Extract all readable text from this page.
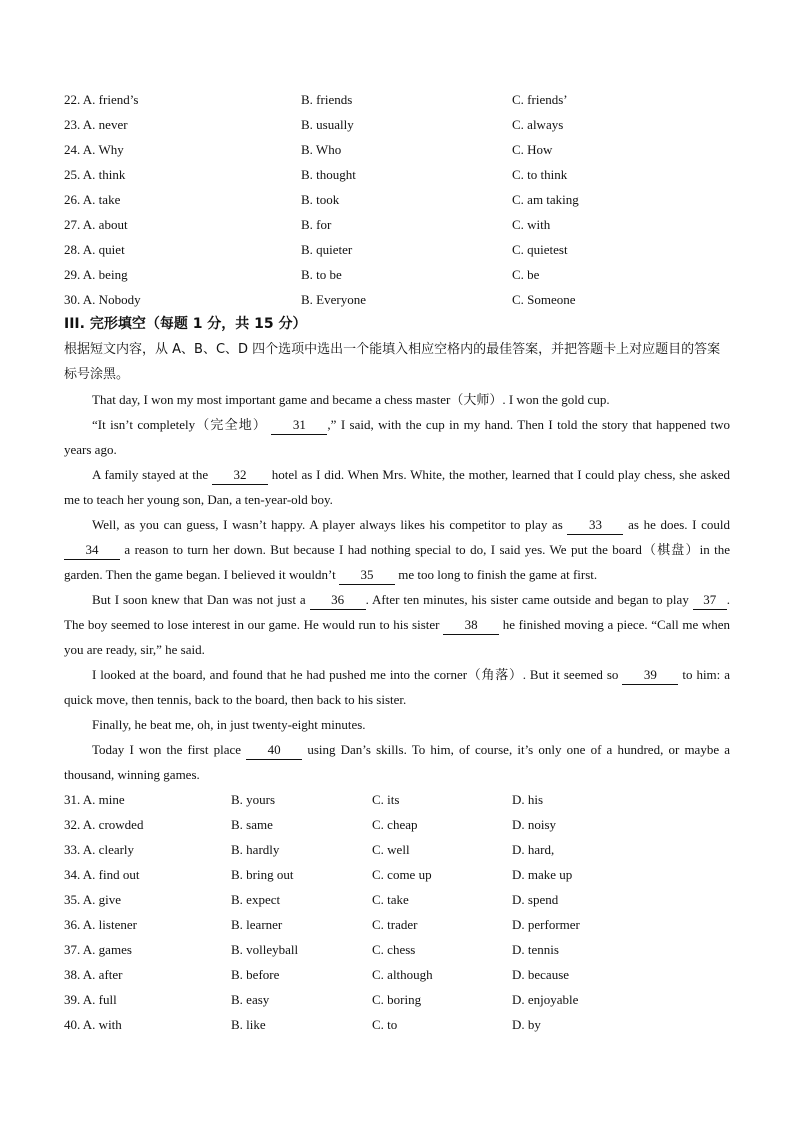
22. A. friend’s	B. friends	C. friends’
23. A. never	B. usually	C. always
24. A. Why	B. Who	C. How
25. A. think	B. thought	C. to think
26. A. take	B. took	C. am taking
27. A. about	B. for	C. with
28. A. quiet	B. quieter	C. quietest
29. A. being	B. to be	C. be
30. A. Nobody	B. Everyone	C. Someone
III. 完形填空（每题 1 分，共 15 分）
根据短文内容，从 A、B、C、D 四个选项中选出一个能填入相应空格内的最佳答案，并把答题卡上对应题目的答案标号涂黑。
That day, I won my most important game and became a chess master（大师）. I won the gold cup.
“It isn’t completely（完全地） 31 ,” I said, with the cup in my hand. Then I told the story that happened two years ago.
A family stayed at the 32 hotel as I did. When Mrs. White, the mother, learned that I could play chess, she asked me to teach her young son, Dan, a ten-year-old boy.
Well, as you can guess, I wasn’t happy. A player always likes his competitor to play as 33 as he does. I could 34 a reason to turn her down. But because I had nothing special to do, I said yes. We put the board（棋盘）in the garden. Then the game began. I believed it wouldn’t 35 me too long to finish the game at first.
But I soon knew that Dan was not just a 36 . After ten minutes, his sister came outside and began to play 37 . The boy seemed to lose interest in our game. He would run to his sister 38 he finished moving a piece. “Call me when you are ready, sir,” he said.
I looked at the board, and found that he had pushed me into the corner（角落）. But it seemed so 39 to him: a quick move, then tennis, back to the board, then back to his sister.
Finally, he beat me, oh, in just twenty-eight minutes.
Today I won the first place 40 using Dan’s skills. To him, of course, it’s only one of a hundred, or maybe a thousand, winning games.
31. A. mine	B. yours	C. its	D. his
32. A. crowded	B. same	C. cheap	D. noisy
33. A. clearly	B. hardly	C. well	D. hard,
34. A. find out	B. bring out	C. come up	D. make up
35. A. give	B. expect	C. take	D. spend
36. A. listener	B. learner	C. trader	D. performer
37. A. games	B. volleyball	C. chess	D. tennis
38. A. after	B. before	C. although	D. because
39. A. full	B. easy	C. boring	D. enjoyable
40. A. with	B. like	C. to	D. by
